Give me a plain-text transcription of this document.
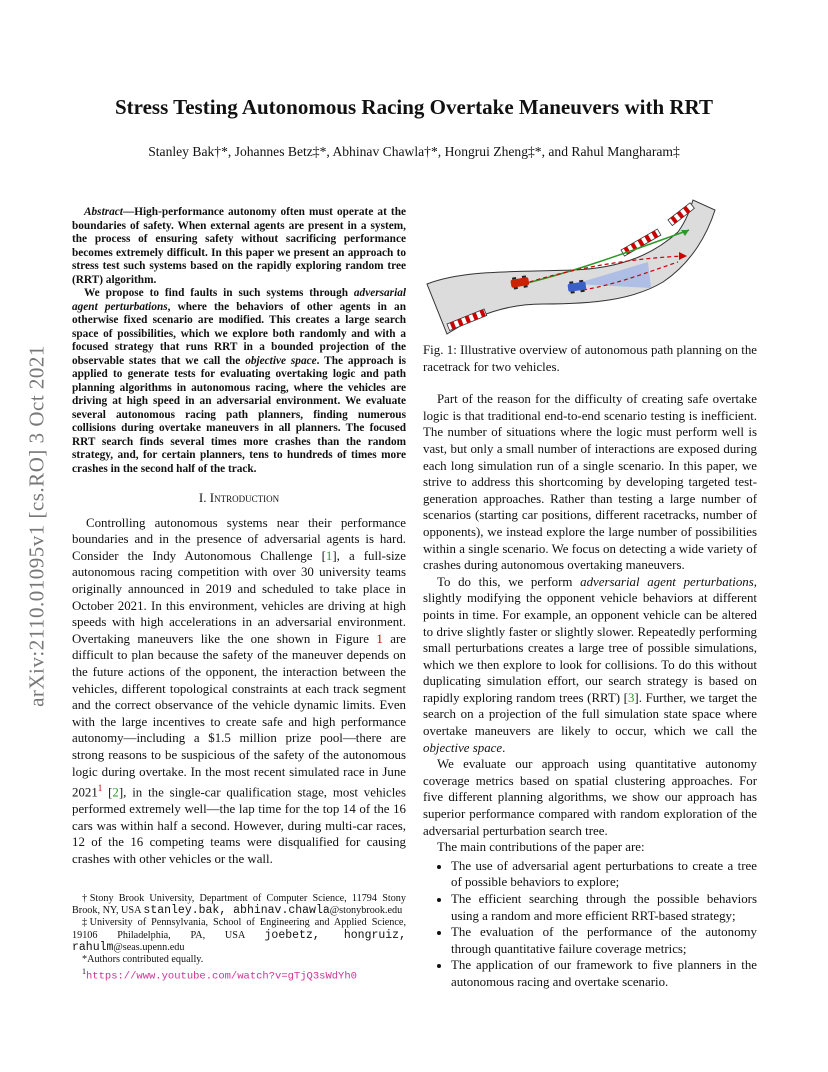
Stress Testing Autonomous Racing Overtake Maneuvers with RRT
Stanley Bak†*, Johannes Betz‡*, Abhinav Chawla†*, Hongrui Zheng‡*, and Rahul Mangharam‡
arXiv:2110.01095v1 [cs.RO] 3 Oct 2021

Abstract—High-performance autonomy often must operate at the boundaries of safety. When external agents are present in a system, the process of ensuring safety without sacrificing performance becomes extremely difficult. In this paper we present an approach to stress test such systems based on the rapidly exploring random tree (RRT) algorithm.

We propose to find faults in such systems through adversarial agent perturbations, where the behaviors of other agents in an otherwise fixed scenario are modified. This creates a large search space of possibilities, which we explore both randomly and with a focused strategy that runs RRT in a bounded projection of the observable states that we call the objective space. The approach is applied to generate tests for evaluating overtaking logic and path planning algorithms in autonomous racing, where the vehicles are driving at high speed in an adversarial environment. We evaluate several autonomous racing path planners, finding numerous collisions during overtake maneuvers in all planners. The focused RRT search finds several times more crashes than the random strategy, and, for certain planners, tens to hundreds of times more crashes in the second half of the track.

I. Introduction

Controlling autonomous systems near their performance boundaries and in the presence of adversarial agents is hard. Consider the Indy Autonomous Challenge [1], a full-size autonomous racing competition with over 30 university teams originally announced in 2019 and scheduled to take place in October 2021. In this environment, vehicles are driving at high speeds with high accelerations in an adversarial environment. Overtaking maneuvers like the one shown in Figure 1 are difficult to plan because the safety of the maneuver depends on the future actions of the opponent, the interaction between the vehicles, different topological constraints at each track segment and the correct observance of the vehicle dynamic limits. Even with the large incentives to create safe and high performance autonomy—including a $1.5 million prize pool—there are strong reasons to be suspicious of the safety of the autonomous logic during overtake. In the most recent simulated race in June 2021$^1$ [2], in the single-car qualification stage, most vehicles performed extremely well—the lap time for the top 14 of the 16 cars was within half a second. However, during multi-car races, 12 of the 16 competing teams were disqualified for causing crashes with other vehicles or the wall.

†Stony Brook University, Department of Computer Science, 11794 Stony Brook, NY, USA stanley.bak, abhinav.chawla@stonybrook.edu

‡University of Pennsylvania, School of Engineering and Applied Science, 19106 Philadelphia, PA, USA joebetz, hongruiz, rahulm@seas.upenn.edu

*Authors contributed equally.

$^1$https://www.youtube.com/watch?v=gTjQ3sWdYh0

Fig. 1: Illustrative overview of autonomous path planning on the racetrack for two vehicles.

Part of the reason for the difficulty of creating safe overtake logic is that traditional end-to-end scenario testing is inefficient. The number of situations where the logic must perform well is vast, but only a small number of interactions are exposed during each long simulation run of a single scenario. In this paper, we strive to address this shortcoming by developing targeted test-generation approaches. Rather than testing a large number of scenarios (starting car positions, different racetracks, number of opponents), we instead explore the large number of possibilities within a single scenario. We focus on detecting a wide variety of crashes during autonomous overtaking maneuvers.

To do this, we perform adversarial agent perturbations, slightly modifying the opponent vehicle behaviors at different points in time. For example, an opponent vehicle can be altered to drive slightly faster or slightly slower. Repeatedly performing small perturbations creates a large tree of possible simulations, which we then explore to look for collisions. To do this without duplicating simulation effort, our search strategy is based on rapidly exploring random trees (RRT) [3]. Further, we target the search on a projection of the full simulation state space where overtake maneuvers are likely to occur, which we call the objective space.

We evaluate our approach using quantitative autonomy coverage metrics based on spatial clustering approaches. For five different planning algorithms, we show our approach has superior performance compared with random exploration of the adversarial perturbation search tree.

The main contributions of the paper are:

• The use of adversarial agent perturbations to create a tree of possible behaviors to explore;
• The efficient searching through the possible behaviors using a random and more efficient RRT-based strategy;
• The evaluation of the performance of the autonomy through quantitative failure coverage metrics;
• The application of our framework to five planners in the autonomous racing and overtake scenario.
